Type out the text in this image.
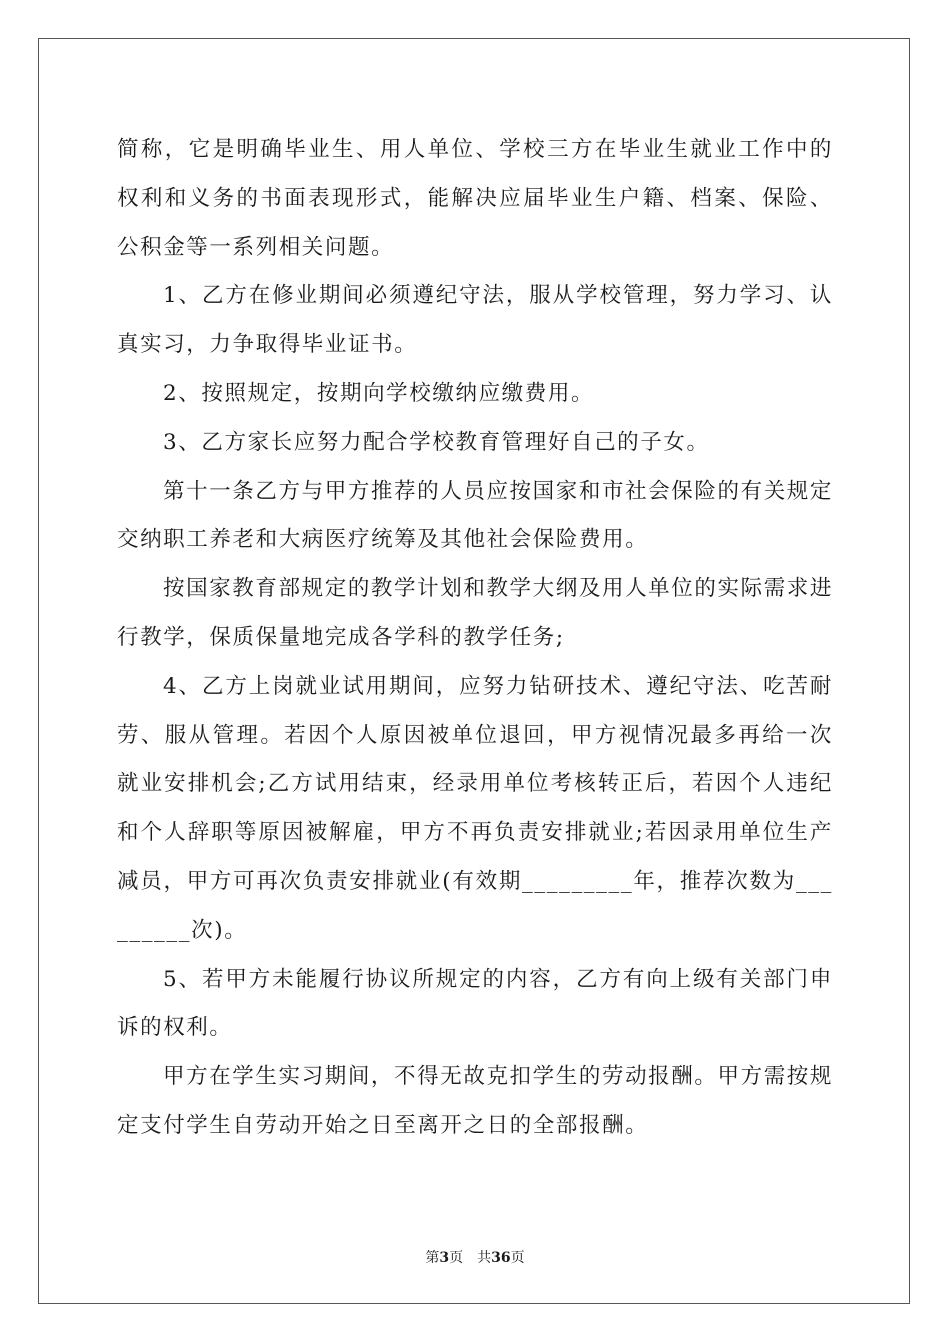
简称，它是明确毕业生、用人单位、学校三方在毕业生就业工作中的权利和义务的书面表现形式，能解决应届毕业生户籍、档案、保险、公积金等一系列相关问题。

1、乙方在修业期间必须遵纪守法，服从学校管理，努力学习、认真实习，力争取得毕业证书。

2、按照规定，按期向学校缴纳应缴费用。

3、乙方家长应努力配合学校教育管理好自己的子女。

第十一条乙方与甲方推荐的人员应按国家和市社会保险的有关规定交纳职工养老和大病医疗统筹及其他社会保险费用。

按国家教育部规定的教学计划和教学大纲及用人单位的实际需求进行教学，保质保量地完成各学科的教学任务;

4、乙方上岗就业试用期间，应努力钻研技术、遵纪守法、吃苦耐劳、服从管理。若因个人原因被单位退回，甲方视情况最多再给一次就业安排机会;乙方试用结束，经录用单位考核转正后，若因个人违纪和个人辞职等原因被解雇，甲方不再负责安排就业;若因录用单位生产减员，甲方可再次负责安排就业(有效期_________年，推荐次数为_________次)。

5、若甲方未能履行协议所规定的内容，乙方有向上级有关部门申诉的权利。

甲方在学生实习期间，不得无故克扣学生的劳动报酬。甲方需按规定支付学生自劳动开始之日至离开之日的全部报酬。

第3页 共36页
